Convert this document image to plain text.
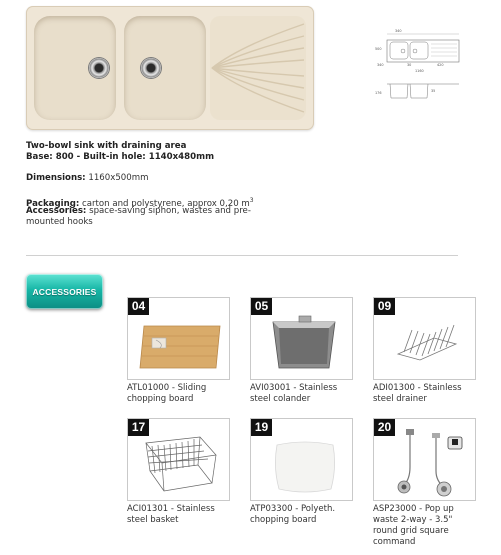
340
500
340	30	420
1160
176	35
Two-bowl sink with draining area
Base: 800 - Built-in hole: 1140x480mm
Dimensions: 1160x500mm
Packaging: carton and polystyrene, approx 0,20 $m^3$
Accessories: space-saving siphon, wastes and pre-
mounted hooks
ACCESSORIES
04
ATL01000 - Sliding
chopping board
05
AVI03001 - Stainless
steel colander
09
ADI01300 - Stainless
steel drainer
17
ACI01301 - Stainless
steel basket
19
ATP03300 - Polyeth.
chopping board
20
ASP23000 - Pop up
waste 2-way - 3.5"
round grid square
command
